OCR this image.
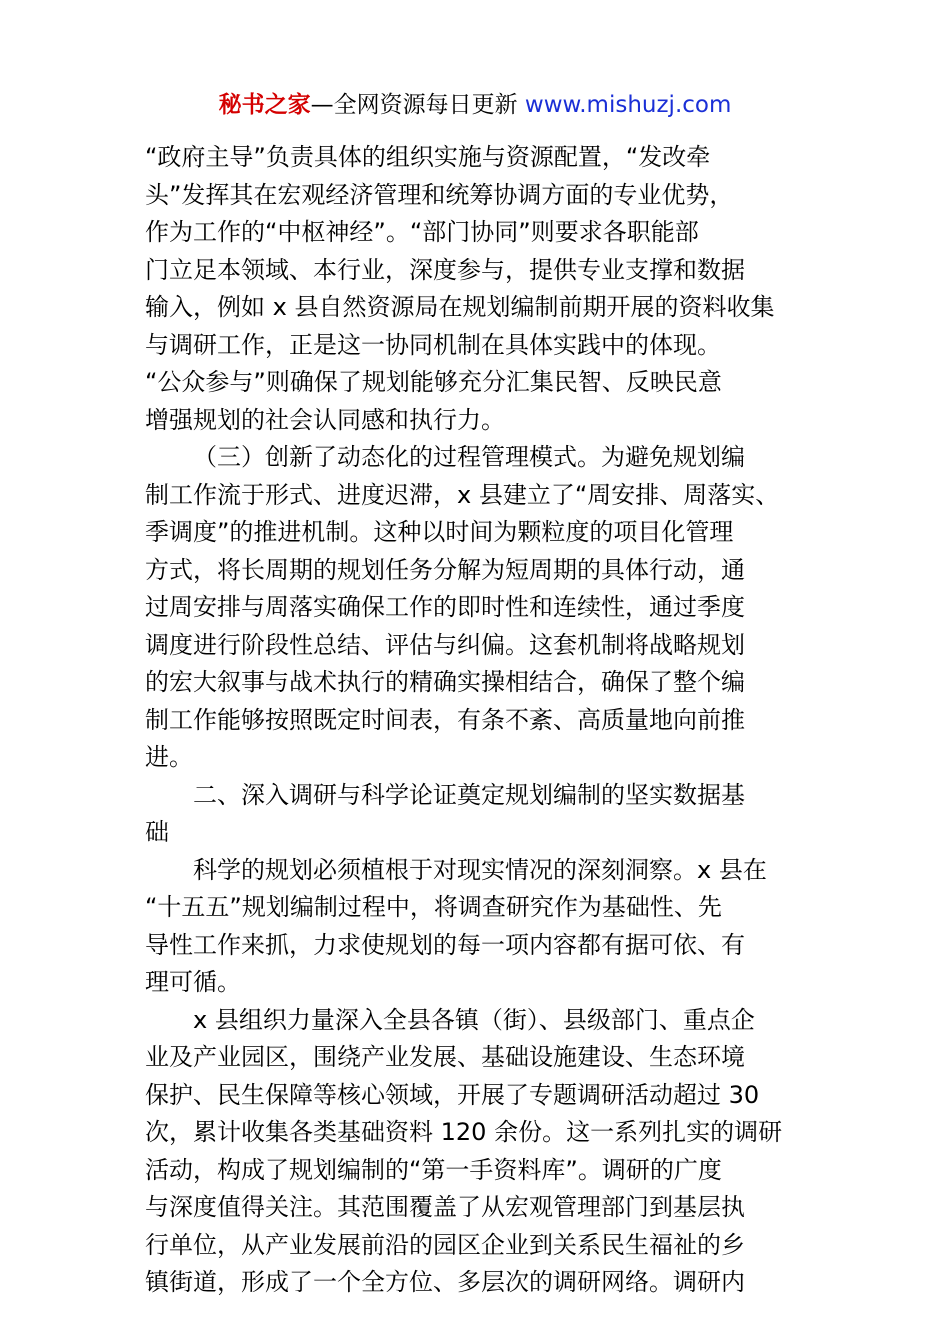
秘书之家—全网资源每日更新 www.mishuzj.com
“政府主导”负责具体的组织实施与资源配置，“发改牵
头”发挥其在宏观经济管理和统筹协调方面的专业优势，
作为工作的“中枢神经”。“部门协同”则要求各职能部
门立足本领域、本行业，深度参与，提供专业支撑和数据
输入，例如 x 县自然资源局在规划编制前期开展的资料收集
与调研工作，正是这一协同机制在具体实践中的体现。
“公众参与”则确保了规划能够充分汇集民智、反映民意
增强规划的社会认同感和执行力。
（三）创新了动态化的过程管理模式。为避免规划编
制工作流于形式、进度迟滞，x 县建立了“周安排、周落实、
季调度”的推进机制。这种以时间为颗粒度的项目化管理
方式，将长周期的规划任务分解为短周期的具体行动，通
过周安排与周落实确保工作的即时性和连续性，通过季度
调度进行阶段性总结、评估与纠偏。这套机制将战略规划
的宏大叙事与战术执行的精确实操相结合，确保了整个编
制工作能够按照既定时间表，有条不紊、高质量地向前推
进。
二、深入调研与科学论证奠定规划编制的坚实数据基
础
科学的规划必须植根于对现实情况的深刻洞察。x 县在
“十五五”规划编制过程中，将调查研究作为基础性、先
导性工作来抓，力求使规划的每一项内容都有据可依、有
理可循。
x 县组织力量深入全县各镇（街）、县级部门、重点企
业及产业园区，围绕产业发展、基础设施建设、生态环境
保护、民生保障等核心领域，开展了专题调研活动超过 30
次，累计收集各类基础资料 120 余份。这一系列扎实的调研
活动，构成了规划编制的“第一手资料库”。调研的广度
与深度值得关注。其范围覆盖了从宏观管理部门到基层执
行单位，从产业发展前沿的园区企业到关系民生福祉的乡
镇街道，形成了一个全方位、多层次的调研网络。调研内
